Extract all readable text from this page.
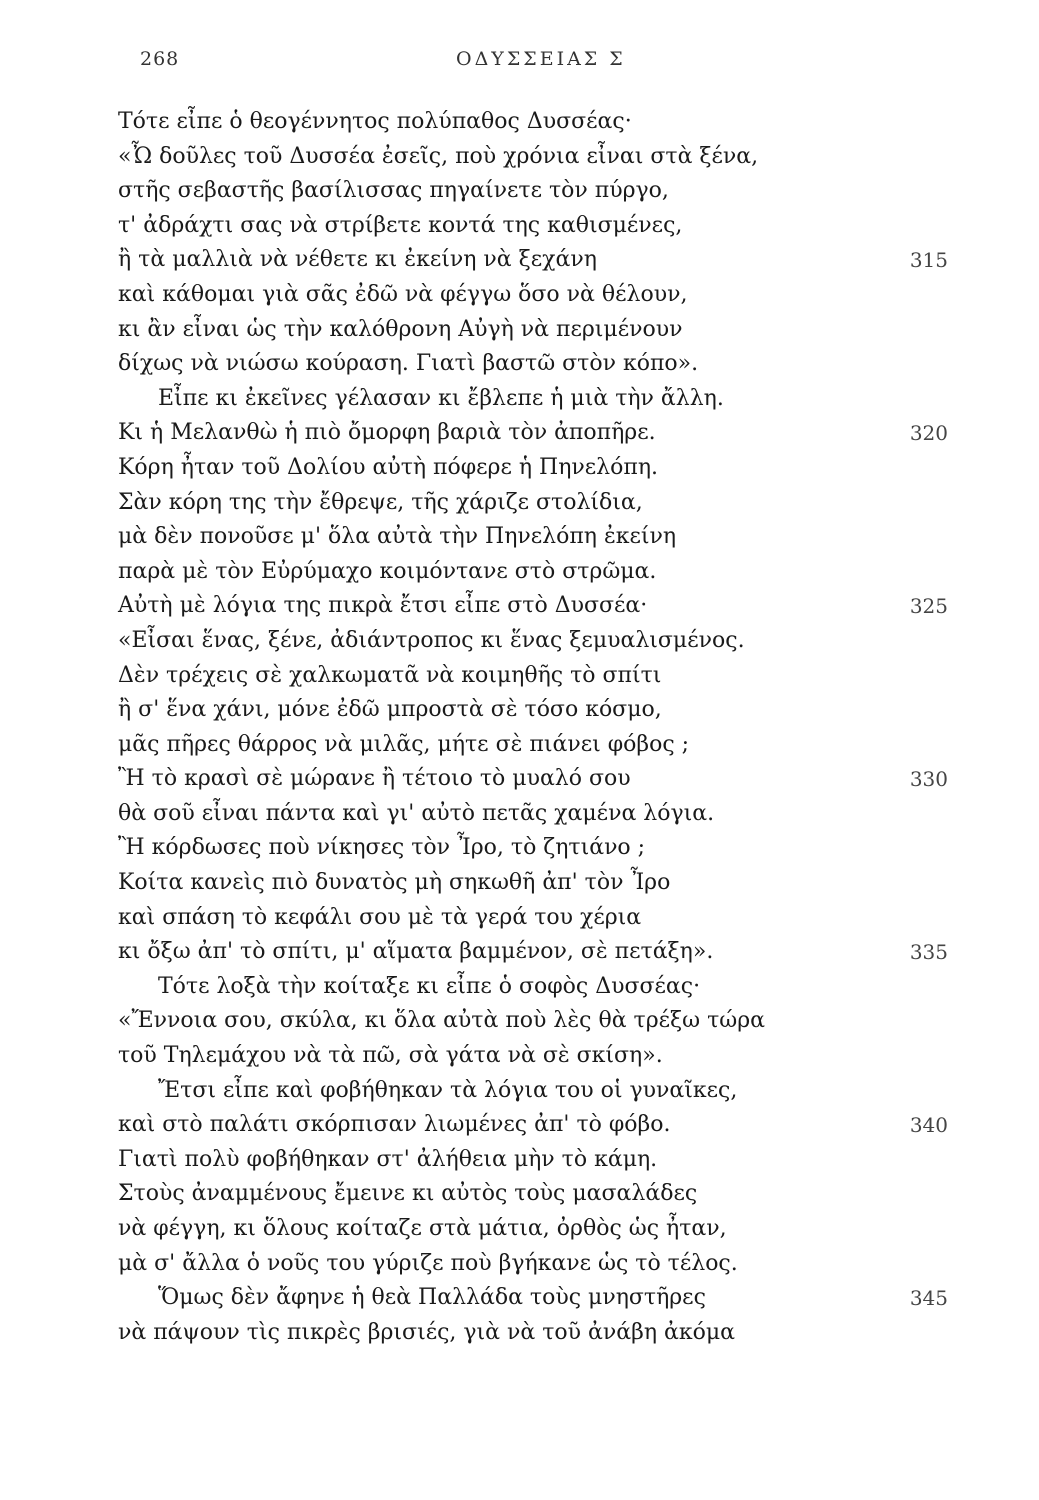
268	ΟΔΥΣΣΕΙΑΣ Σ
Τότε εἶπε ὁ θεογέννητος πολύπαθος Δυσσέας·
«Ὦ δοῦλες τοῦ Δυσσέα ἐσεῖς, ποὺ χρόνια εἶναι στὰ ξένα,
στῆς σεβαστῆς βασίλισσας πηγαίνετε τὸν πύργο,
τ' ἀδράχτι σας νὰ στρίβετε κοντά της καθισμένες,
ἢ τὰ μαλλιὰ νὰ νέθετε κι ἐκείνη νὰ ξεχάνη	315
καὶ κάθομαι γιὰ σᾶς ἐδῶ νὰ φέγγω ὅσο νὰ θέλουν,
κι ἂν εἶναι ὡς τὴν καλόθρονη Αὐγὴ νὰ περιμένουν
δίχως νὰ νιώσω κούραση. Γιατὶ βαστῶ στὸν κόπο».
Εἶπε κι ἐκεῖνες γέλασαν κι ἔβλεπε ἡ μιὰ τὴν ἄλλη.
Κι ἡ Μελανθὼ ἡ πιὸ ὄμορφη βαριὰ τὸν ἀποπῆρε.	320
Κόρη ἦταν τοῦ Δολίου αὐτὴ πόφερε ἡ Πηνελόπη.
Σὰν κόρη της τὴν ἔθρεψε, τῆς χάριζε στολίδια,
μὰ δὲν πονοῦσε μ' ὅλα αὐτὰ τὴν Πηνελόπη ἐκείνη
παρὰ μὲ τὸν Εὐρύμαχο κοιμόντανε στὸ στρῶμα.
Αὐτὴ μὲ λόγια της πικρὰ ἔτσι εἶπε στὸ Δυσσέα·	325
«Εἶσαι ἕνας, ξένε, ἀδιάντροπος κι ἕνας ξεμυαλισμένος.
Δὲν τρέχεις σὲ χαλκωματᾶ νὰ κοιμηθῆς τὸ σπίτι
ἢ σ' ἕνα χάνι, μόνε ἐδῶ μπροστὰ σὲ τόσο κόσμο,
μᾶς πῆρες θάρρος νὰ μιλᾶς, μήτε σὲ πιάνει φόβος ;
Ἢ τὸ κρασὶ σὲ μώρανε ἢ τέτοιο τὸ μυαλό σου	330
θὰ σοῦ εἶναι πάντα καὶ γι' αὐτὸ πετᾶς χαμένα λόγια.
Ἢ κόρδωσες ποὺ νίκησες τὸν Ἶρο, τὸ ζητιάνο ;
Κοίτα κανεὶς πιὸ δυνατὸς μὴ σηκωθῆ ἀπ' τὸν Ἶρο
καὶ σπάση τὸ κεφάλι σου μὲ τὰ γερά του χέρια
κι ὄξω ἀπ' τὸ σπίτι, μ' αἵματα βαμμένον, σὲ πετάξη».	335
Τότε λοξὰ τὴν κοίταξε κι εἶπε ὁ σοφὸς Δυσσέας·
«Ἔννοια σου, σκύλα, κι ὅλα αὐτὰ ποὺ λὲς θὰ τρέξω τώρα
τοῦ Τηλεμάχου νὰ τὰ πῶ, σὰ γάτα νὰ σὲ σκίση».
Ἔτσι εἶπε καὶ φοβήθηκαν τὰ λόγια του οἱ γυναῖκες,
καὶ στὸ παλάτι σκόρπισαν λιωμένες ἀπ' τὸ φόβο.	340
Γιατὶ πολὺ φοβήθηκαν στ' ἀλήθεια μὴν τὸ κάμη.
Στοὺς ἀναμμένους ἔμεινε κι αὐτὸς τοὺς μασαλάδες
νὰ φέγγη, κι ὅλους κοίταζε στὰ μάτια, ὀρθὸς ὡς ἦταν,
μὰ σ' ἄλλα ὁ νοῦς του γύριζε ποὺ βγήκανε ὡς τὸ τέλος.
Ὅμως δὲν ἄφηνε ἡ θεὰ Παλλάδα τοὺς μνηστῆρες	345
νὰ πάψουν τὶς πικρὲς βρισιές, γιὰ νὰ τοῦ ἀνάβη ἀκόμα
